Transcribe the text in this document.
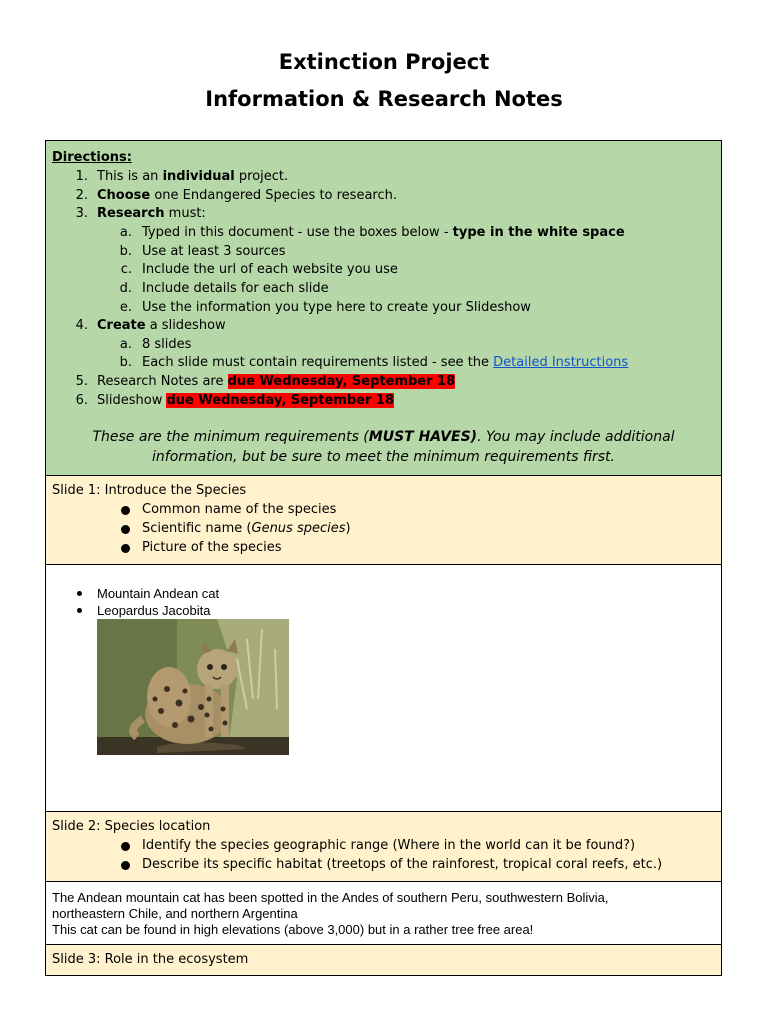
Extinction Project
Information & Research Notes
Directions:
1. This is an individual project.
2. Choose one Endangered Species to research.
3. Research must:
a. Typed in this document - use the boxes below - type in the white space
b. Use at least 3 sources
c. Include the url of each website you use
d. Include details for each slide
e. Use the information you type here to create your Slideshow
4. Create a slideshow
a. 8 slides
b. Each slide must contain requirements listed - see the Detailed Instructions
5. Research Notes are due Wednesday, September 18
6. Slideshow due Wednesday, September 18
These are the minimum requirements (MUST HAVES). You may include additional information, but be sure to meet the minimum requirements first.
Slide 1: Introduce the Species
Common name of the species
Scientific name (Genus species)
Picture of the species
Mountain Andean cat
Leopardus Jacobita
Slide 2: Species location
Identify the species geographic range (Where in the world can it be found?)
Describe its specific habitat (treetops of the rainforest, tropical coral reefs, etc.)
The Andean mountain cat has been spotted in the Andes of southern Peru, southwestern Bolivia,
northeastern Chile, and northern Argentina
This cat can be found in high elevations (above 3,000) but in a rather tree free area!
Slide 3: Role in the ecosystem
